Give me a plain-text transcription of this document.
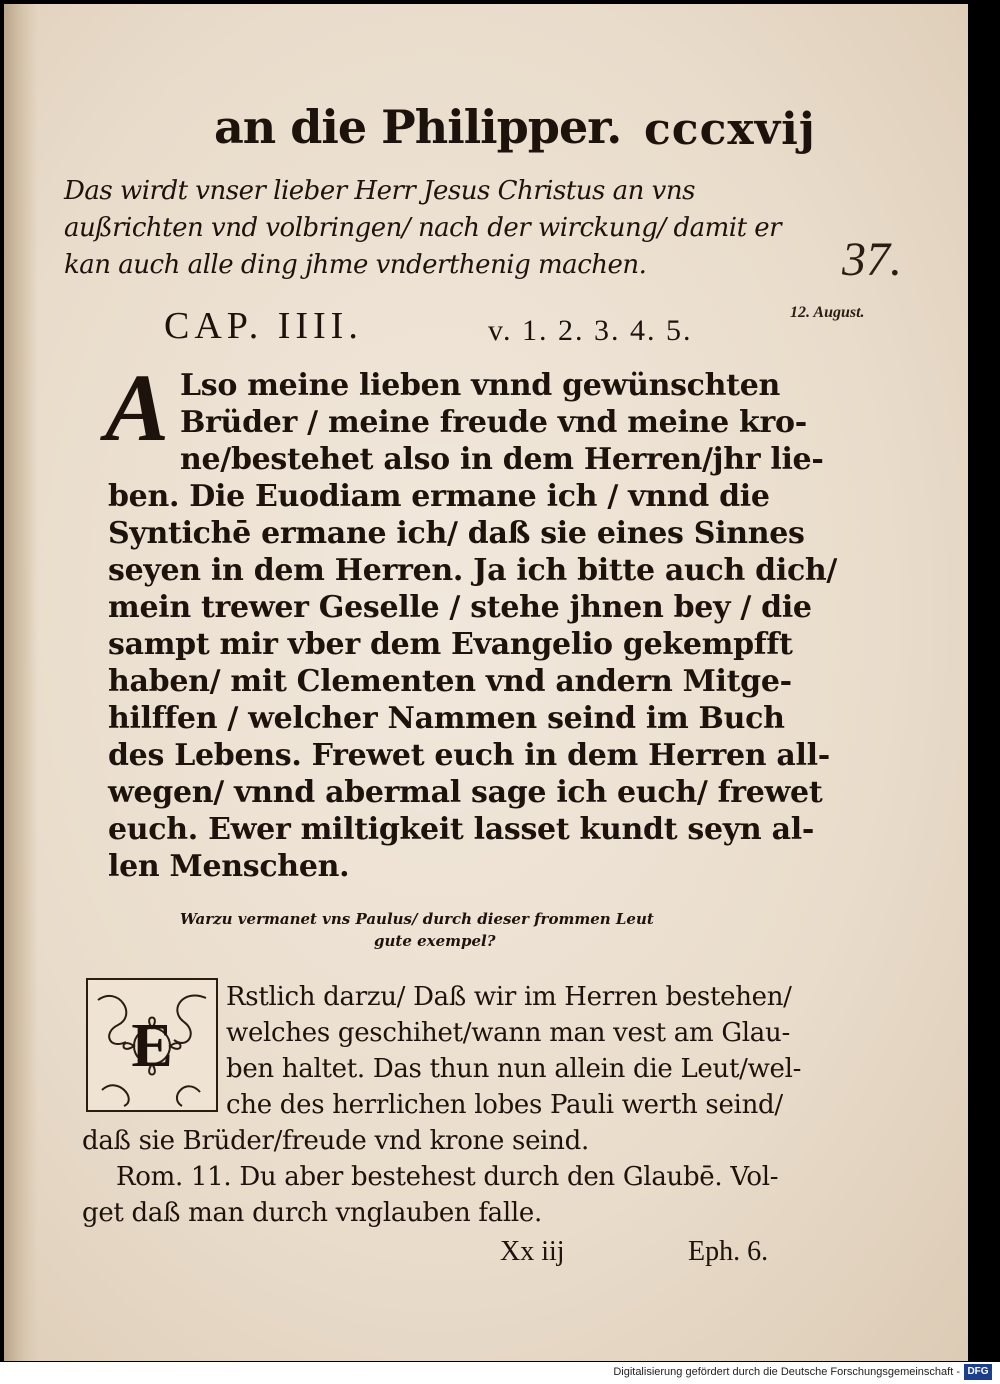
an die Philipper. cccxvij
Das wirdt vnser lieber Herr Jesus Christus an vns
außrichten vnd volbringen/ nach der wirckung/ damit er
kan auch alle ding jhme vnderthenig machen.	37.
12. August.
CAP. IIII.	v. 1. 2. 3. 4. 5.
A Lso meine lieben vnnd gewünschten
Brüder / meine freude vnd meine kro-
ne/bestehet also in dem Herren/jhr lie-
ben. Die Euodiam ermane ich / vnnd die
Syntichē ermane ich/ daß sie eines Sinnes
seyen in dem Herren. Ja ich bitte auch dich/
mein trewer Geselle / stehe jhnen bey / die
sampt mir vber dem Evangelio gekempfft
haben/ mit Clementen vnd andern Mitge-
hilffen / welcher Nammen seind im Buch
des Lebens. Frewet euch in dem Herren all-
wegen/ vnnd abermal sage ich euch/ frewet
euch. Ewer miltigkeit lasset kundt seyn al-
len Menschen.
Warzu vermanet vns Paulus/ durch dieser frommen Leut
gute exempel?
E
Rstlich darzu/ Daß wir im Herren bestehen/
welches geschihet/wann man vest am Glau-
ben haltet. Das thun nun allein die Leut/wel-
che des herrlichen lobes Pauli werth seind/
daß sie Brüder/freude vnd krone seind.
Rom. 11. Du aber bestehest durch den Glaubē. Vol-
get daß man durch vnglauben falle.
Xx iij	Eph. 6.
Digitalisierung gefördert durch die Deutsche Forschungsgemeinschaft - DFG
